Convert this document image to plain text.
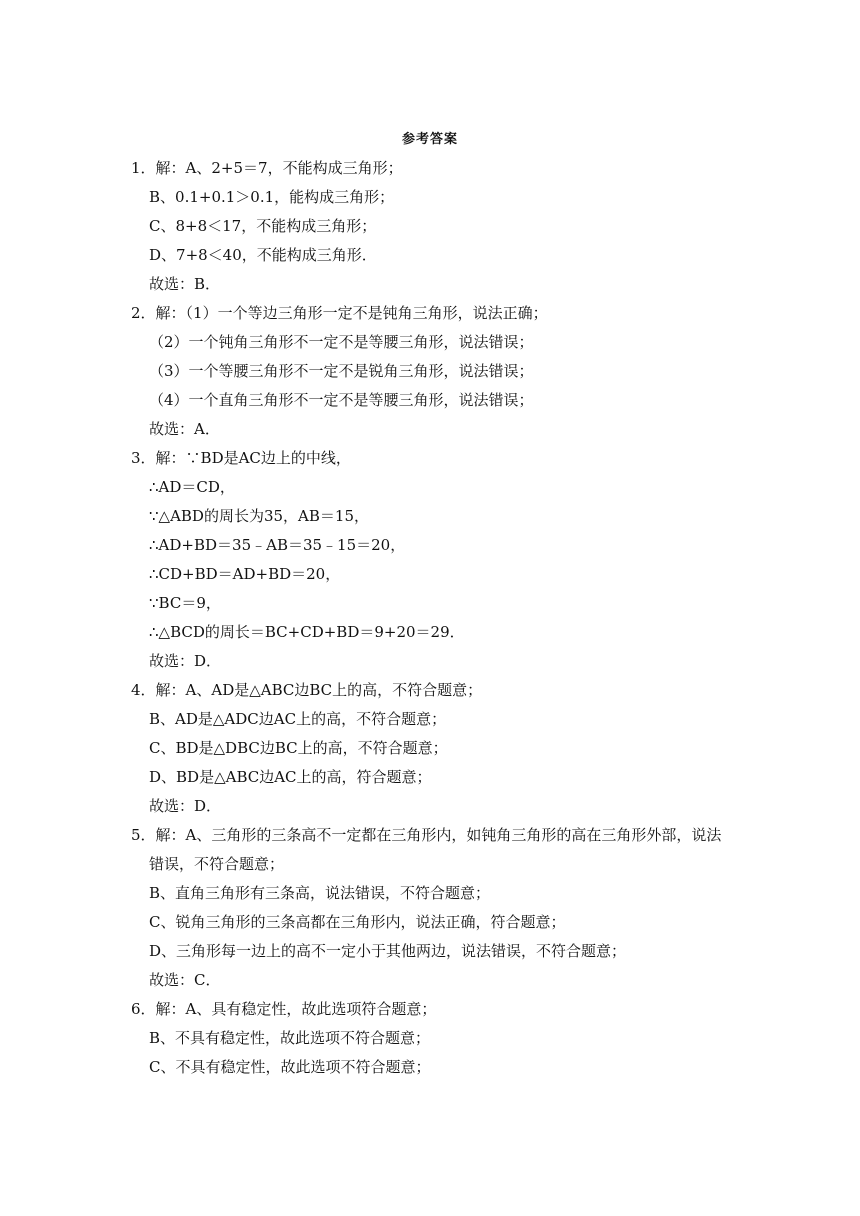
参考答案
1．解：A、2+5＝7，不能构成三角形；
B、0.1+0.1＞0.1，能构成三角形；
C、8+8＜17，不能构成三角形；
D、7+8＜40，不能构成三角形．
故选：B．
2．解：（1）一个等边三角形一定不是钝角三角形，说法正确；
（2）一个钝角三角形不一定不是等腰三角形，说法错误；
（3）一个等腰三角形不一定不是锐角三角形，说法错误；
（4）一个直角三角形不一定不是等腰三角形，说法错误；
故选：A．
3．解：∵BD是AC边上的中线，
∴AD＝CD，
∵△ABD的周长为35，AB＝15，
∴AD+BD＝35﹣AB＝35﹣15＝20，
∴CD+BD＝AD+BD＝20，
∵BC＝9，
∴△BCD的周长＝BC+CD+BD＝9+20＝29．
故选：D．
4．解：A、AD是△ABC边BC上的高，不符合题意；
B、AD是△ADC边AC上的高，不符合题意；
C、BD是△DBC边BC上的高，不符合题意；
D、BD是△ABC边AC上的高，符合题意；
故选：D．
5．解：A、三角形的三条高不一定都在三角形内，如钝角三角形的高在三角形外部，说法
错误，不符合题意；
B、直角三角形有三条高，说法错误，不符合题意；
C、锐角三角形的三条高都在三角形内，说法正确，符合题意；
D、三角形每一边上的高不一定小于其他两边，说法错误，不符合题意；
故选：C．
6．解：A、具有稳定性，故此选项符合题意；
B、不具有稳定性，故此选项不符合题意；
C、不具有稳定性，故此选项不符合题意；
